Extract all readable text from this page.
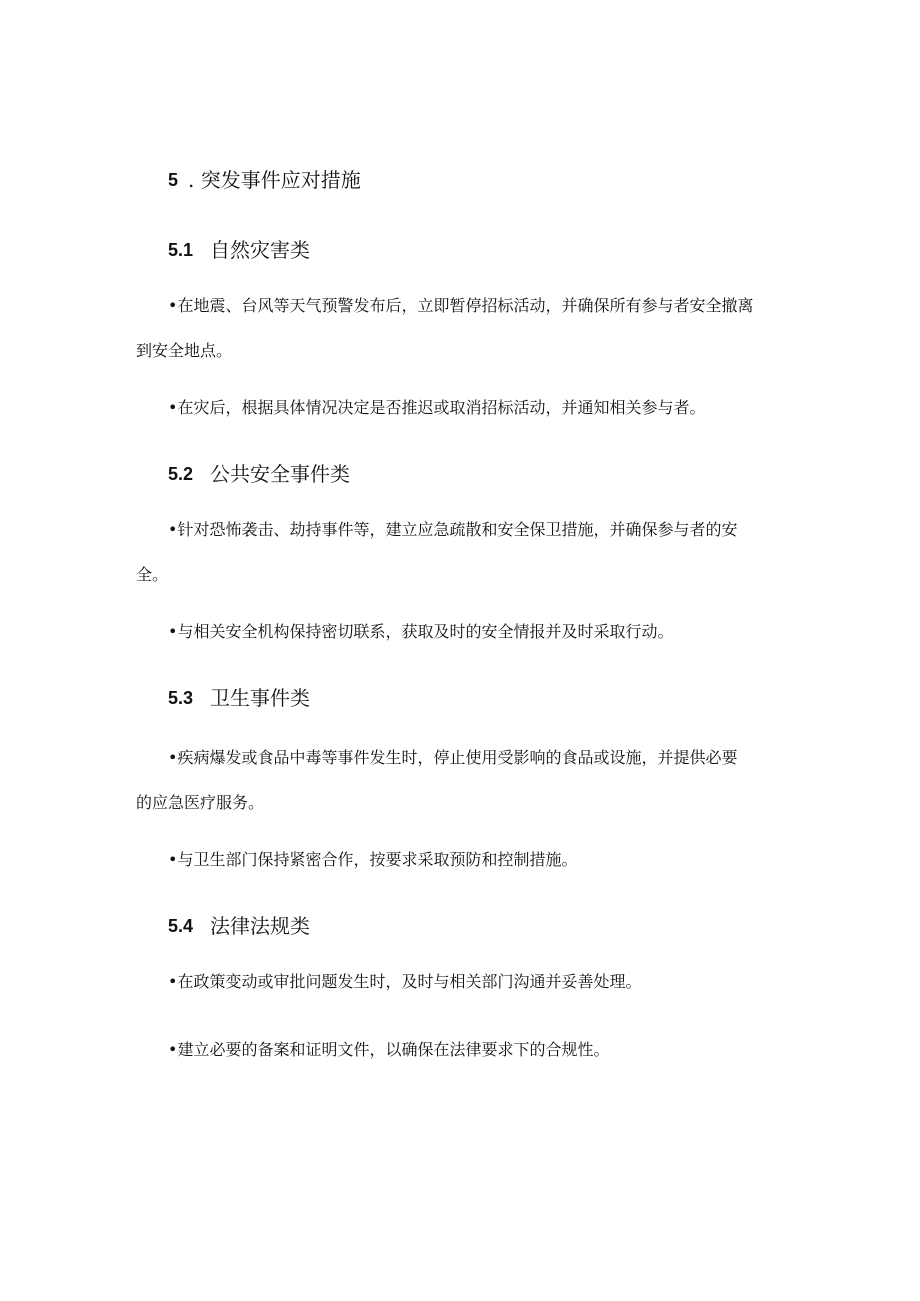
5 . 突发事件应对措施
5.1 自然灾害类
•在地震、台风等天气预警发布后，立即暂停招标活动，并确保所有参与者安全撤离
到安全地点。
•在灾后，根据具体情况决定是否推迟或取消招标活动，并通知相关参与者。
5.2 公共安全事件类
•针对恐怖袭击、劫持事件等，建立应急疏散和安全保卫措施，并确保参与者的安
全。
•与相关安全机构保持密切联系，获取及时的安全情报并及时采取行动。
5.3 卫生事件类
•疾病爆发或食品中毒等事件发生时，停止使用受影响的食品或设施，并提供必要
的应急医疗服务。
•与卫生部门保持紧密合作，按要求采取预防和控制措施。
5.4 法律法规类
•在政策变动或审批问题发生时，及时与相关部门沟通并妥善处理。
•建立必要的备案和证明文件，以确保在法律要求下的合规性。
